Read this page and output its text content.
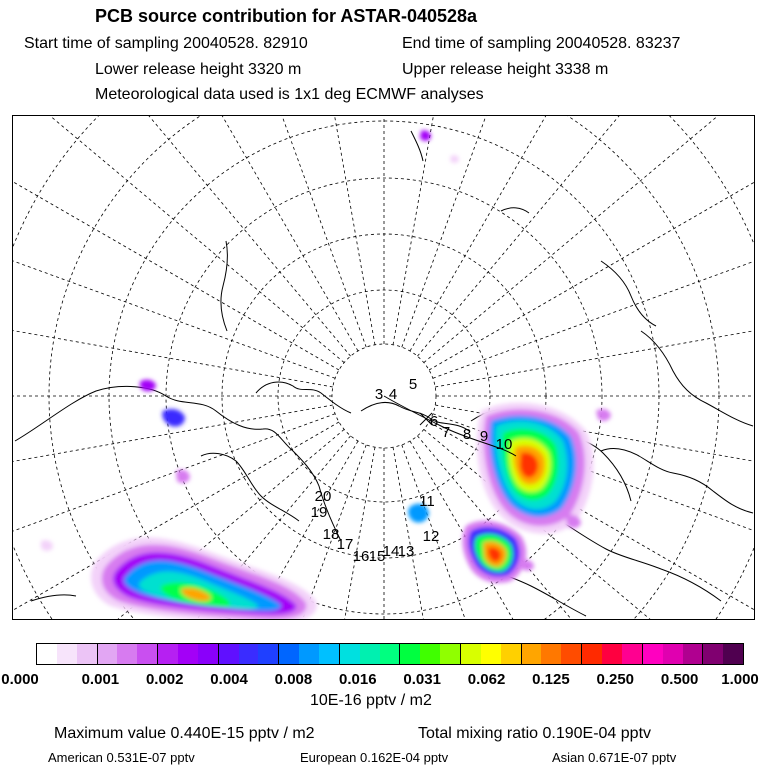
PCB source contribution for ASTAR-040528a
Start time of sampling 20040528. 82910	End time of sampling 20040528. 83237
Lower release height 3320 m	Upper release height 3338 m
Meteorological data used is 1x1 deg ECMWF analyses
3 4
5
6
7 8 9 10
11
12
13
14
15
16
17
18
19
20
0.000	0.001 0.002 0.004 0.008 0.016 0.031 0.062 0.125 0.250 0.500 1.000
10E-16 pptv / m2
Maximum value 0.440E-15 pptv / m2	Total mixing ratio 0.190E-04 pptv
American 0.531E-07 pptv	European 0.162E-04 pptv	Asian 0.671E-07 pptv
